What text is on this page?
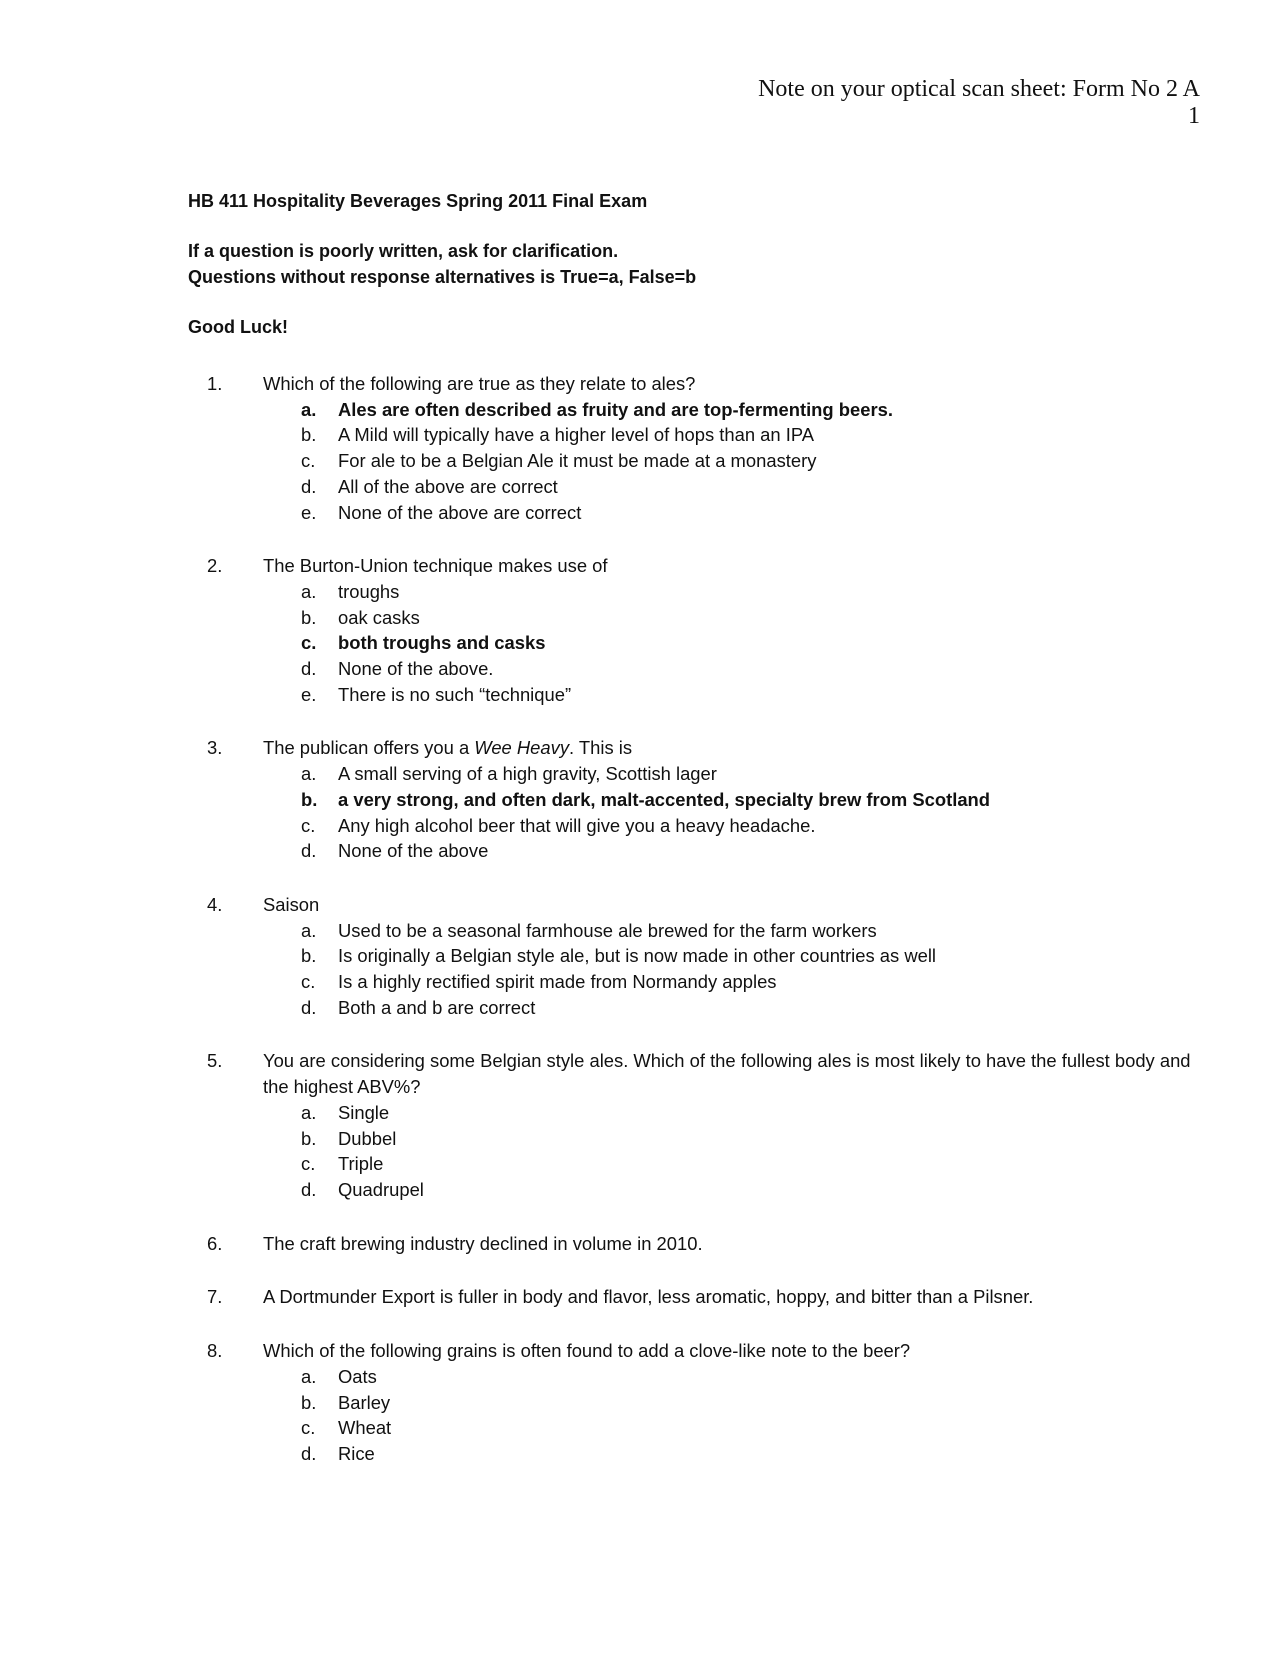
Note on your optical scan sheet: Form No 2 A
1

HB 411 Hospitality Beverages Spring 2011 Final Exam

If a question is poorly written, ask for clarification.

Questions without response alternatives is True=a, False=b

Good Luck!

1.	Which of the following are true as they relate to ales?
a.	Ales are often described as fruity and are top-fermenting beers.
b.	A Mild will typically have a higher level of hops than an IPA
c.	For ale to be a Belgian Ale it must be made at a monastery
d.	All of the above are correct
e.	None of the above are correct
2.	The Burton-Union technique makes use of
a.	troughs
b.	oak casks
c.	both troughs and casks
d.	None of the above.
e.	There is no such “technique”
3.	The publican offers you a Wee Heavy. This is
a.	A small serving of a high gravity, Scottish lager
b.	a very strong, and often dark, malt-accented, specialty brew from Scotland
c.	Any high alcohol beer that will give you a heavy headache.
d.	None of the above
4.	Saison
a.	Used to be a seasonal farmhouse ale brewed for the farm workers
b.	Is originally a Belgian style ale, but is now made in other countries as well
c.	Is a highly rectified spirit made from Normandy apples
d.	Both a and b are correct
5.	You are considering some Belgian style ales. Which of the following ales is most likely to have the fullest body and the highest ABV%?
a.	Single
b.	Dubbel
c.	Triple
d.	Quadrupel
6.	The craft brewing industry declined in volume in 2010.
7.	A Dortmunder Export is fuller in body and flavor, less aromatic, hoppy, and bitter than a Pilsner.
8.	Which of the following grains is often found to add a clove-like note to the beer?
a.	Oats
b.	Barley
c.	Wheat
d.	Rice
